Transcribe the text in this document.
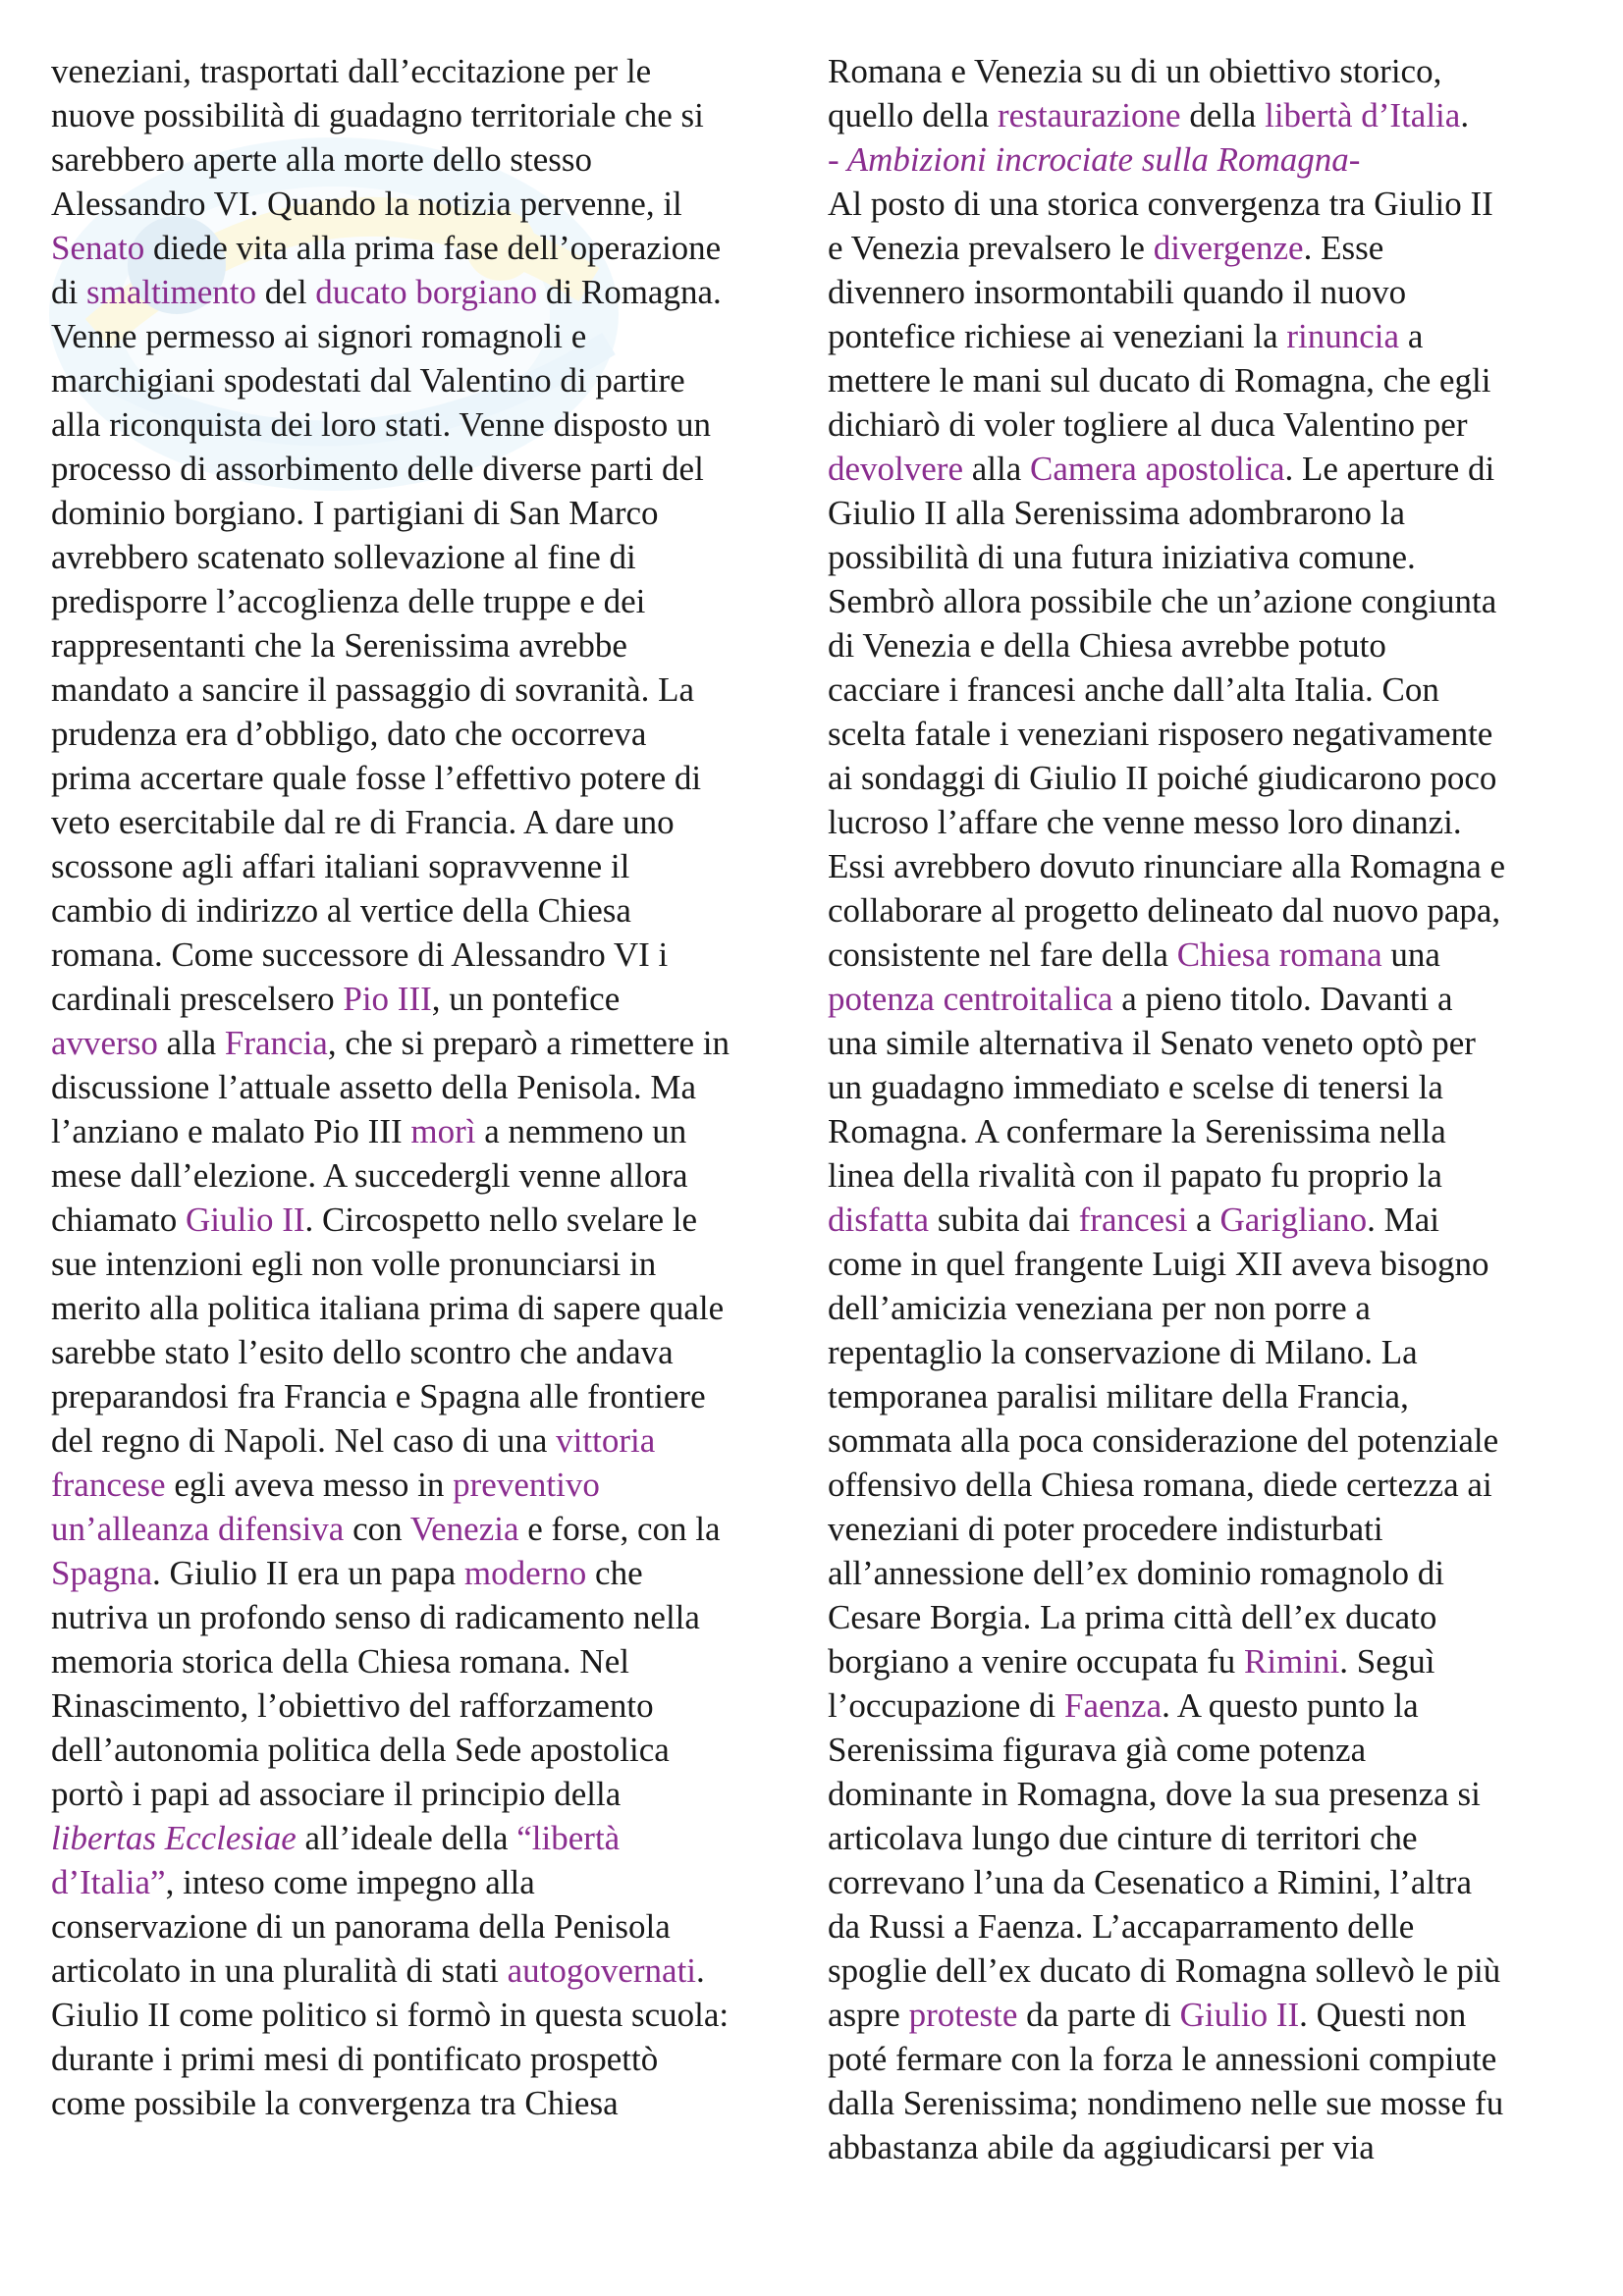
veneziani, trasportati dall’eccitazione per le
nuove possibilità di guadagno territoriale che si
sarebbero aperte alla morte dello stesso
Alessandro VI. Quando la notizia pervenne, il
Senato diede vita alla prima fase dell’operazione
di smaltimento del ducato borgiano di Romagna.
Venne permesso ai signori romagnoli e
marchigiani spodestati dal Valentino di partire
alla riconquista dei loro stati. Venne disposto un
processo di assorbimento delle diverse parti del
dominio borgiano. I partigiani di San Marco
avrebbero scatenato sollevazione al fine di
predisporre l’accoglienza delle truppe e dei
rappresentanti che la Serenissima avrebbe
mandato a sancire il passaggio di sovranità. La
prudenza era d’obbligo, dato che occorreva
prima accertare quale fosse l’effettivo potere di
veto esercitabile dal re di Francia. A dare uno
scossone agli affari italiani sopravvenne il
cambio di indirizzo al vertice della Chiesa
romana. Come successore di Alessandro VI i
cardinali prescelsero Pio III, un pontefice
avverso alla Francia, che si preparò a rimettere in
discussione l’attuale assetto della Penisola. Ma
l’anziano e malato Pio III morì a nemmeno un
mese dall’elezione. A succedergli venne allora
chiamato Giulio II. Circospetto nello svelare le
sue intenzioni egli non volle pronunciarsi in
merito alla politica italiana prima di sapere quale
sarebbe stato l’esito dello scontro che andava
preparandosi fra Francia e Spagna alle frontiere
del regno di Napoli. Nel caso di una vittoria
francese egli aveva messo in preventivo
un’alleanza difensiva con Venezia e forse, con la
Spagna. Giulio II era un papa moderno che
nutriva un profondo senso di radicamento nella
memoria storica della Chiesa romana. Nel
Rinascimento, l’obiettivo del rafforzamento
dell’autonomia politica della Sede apostolica
portò i papi ad associare il principio della
libertas Ecclesiae all’ideale della “libertà
d’Italia”, inteso come impegno alla
conservazione di un panorama della Penisola
articolato in una pluralità di stati autogovernati.
Giulio II come politico si formò in questa scuola:
durante i primi mesi di pontificato prospettò
come possibile la convergenza tra Chiesa
Romana e Venezia su di un obiettivo storico,
quello della restaurazione della libertà d’Italia.
- Ambizioni incrociate sulla Romagna-
Al posto di una storica convergenza tra Giulio II
e Venezia prevalsero le divergenze. Esse
divennero insormontabili quando il nuovo
pontefice richiese ai veneziani la rinuncia a
mettere le mani sul ducato di Romagna, che egli
dichiarò di voler togliere al duca Valentino per
devolvere alla Camera apostolica. Le aperture di
Giulio II alla Serenissima adombrarono la
possibilità di una futura iniziativa comune.
Sembrò allora possibile che un’azione congiunta
di Venezia e della Chiesa avrebbe potuto
cacciare i francesi anche dall’alta Italia. Con
scelta fatale i veneziani risposero negativamente
ai sondaggi di Giulio II poiché giudicarono poco
lucroso l’affare che venne messo loro dinanzi.
Essi avrebbero dovuto rinunciare alla Romagna e
collaborare al progetto delineato dal nuovo papa,
consistente nel fare della Chiesa romana una
potenza centroitalica a pieno titolo. Davanti a
una simile alternativa il Senato veneto optò per
un guadagno immediato e scelse di tenersi la
Romagna. A confermare la Serenissima nella
linea della rivalità con il papato fu proprio la
disfatta subita dai francesi a Garigliano. Mai
come in quel frangente Luigi XII aveva bisogno
dell’amicizia veneziana per non porre a
repentaglio la conservazione di Milano. La
temporanea paralisi militare della Francia,
sommata alla poca considerazione del potenziale
offensivo della Chiesa romana, diede certezza ai
veneziani di poter procedere indisturbati
all’annessione dell’ex dominio romagnolo di
Cesare Borgia. La prima città dell’ex ducato
borgiano a venire occupata fu Rimini. Seguì
l’occupazione di Faenza. A questo punto la
Serenissima figurava già come potenza
dominante in Romagna, dove la sua presenza si
articolava lungo due cinture di territori che
correvano l’una da Cesenatico a Rimini, l’altra
da Russi a Faenza. L’accaparramento delle
spoglie dell’ex ducato di Romagna sollevò le più
aspre proteste da parte di Giulio II. Questi non
poté fermare con la forza le annessioni compiute
dalla Serenissima; nondimeno nelle sue mosse fu
abbastanza abile da aggiudicarsi per via
